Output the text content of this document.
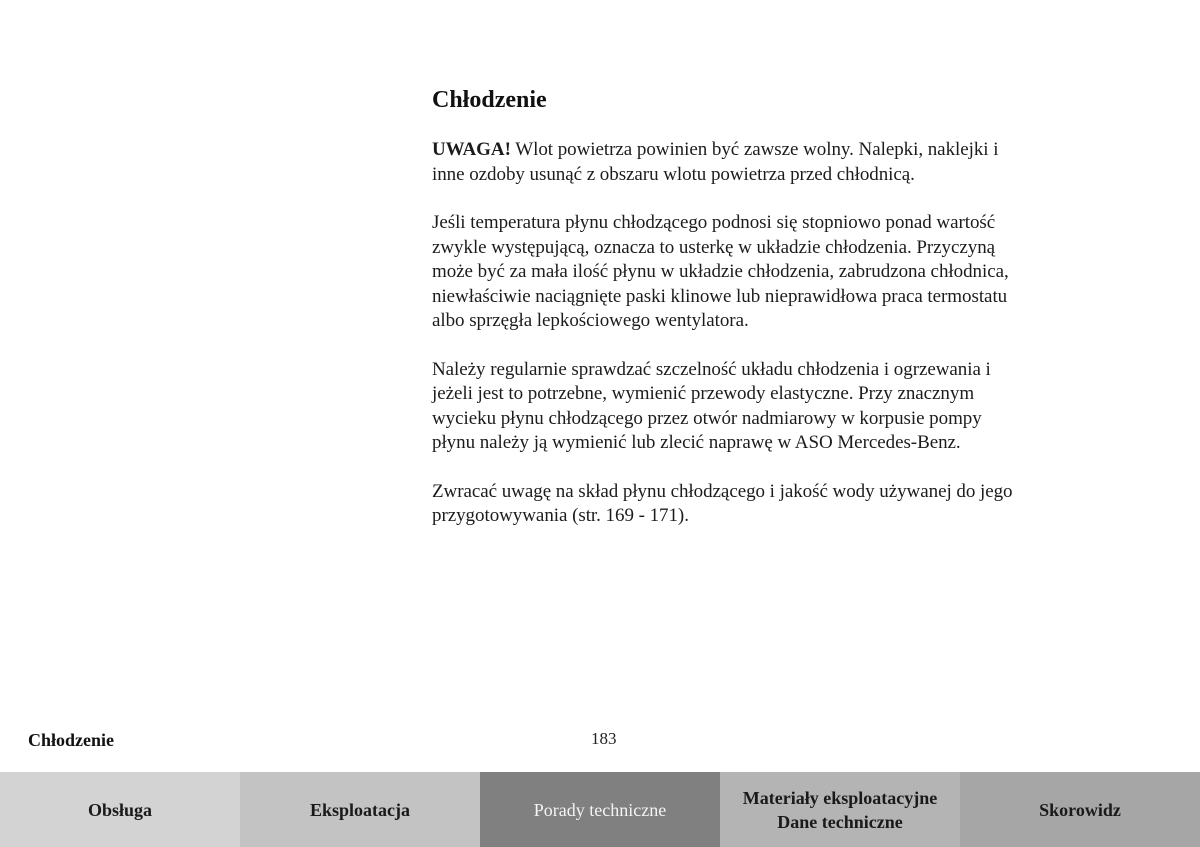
Chłodzenie

UWAGA! Wlot powietrza powinien być zawsze wolny. Nalepki, naklejki i
inne ozdoby usunąć z obszaru wlotu powietrza przed chłodnicą.

Jeśli temperatura płynu chłodzącego podnosi się stopniowo ponad wartość
zwykle występującą, oznacza to usterkę w układzie chłodzenia. Przyczyną
może być za mała ilość płynu w układzie chłodzenia, zabrudzona chłodnica,
niewłaściwie naciągnięte paski klinowe lub nieprawidłowa praca termostatu
albo sprzęgła lepkościowego wentylatora.

Należy regularnie sprawdzać szczelność układu chłodzenia i ogrzewania i
jeżeli jest to potrzebne, wymienić przewody elastyczne. Przy znacznym
wycieku płynu chłodzącego przez otwór nadmiarowy w korpusie pompy
płynu należy ją wymienić lub zlecić naprawę w ASO Mercedes-Benz.

Zwracać uwagę na skład płynu chłodzącego i jakość wody używanej do jego
przygotowywania (str. 169 - 171).

Chłodzenie	183
Obsługa	Eksploatacja	Porady techniczne
Materiały eksploatacyjne
Dane techniczne
Skorowidz
